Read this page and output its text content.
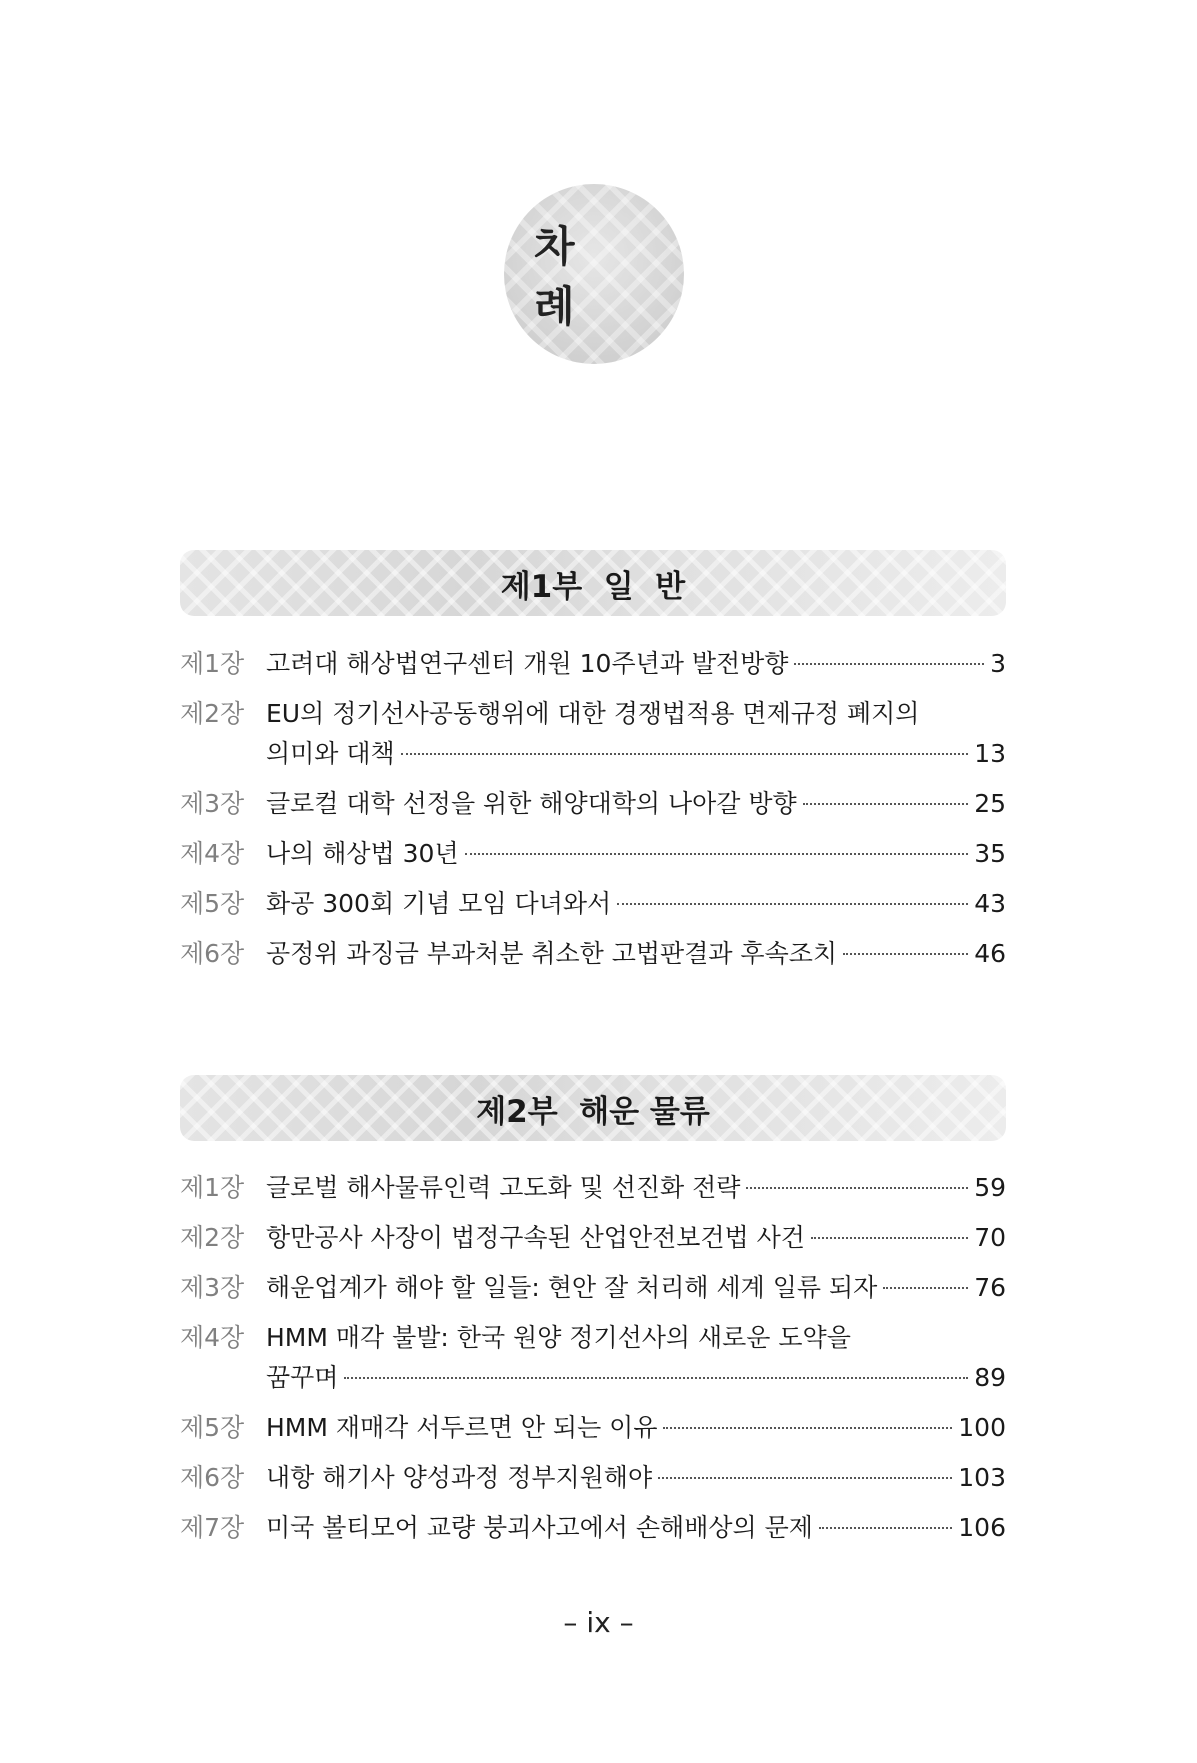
차 례
제1부  일  반
제1장 고려대 해상법연구센터 개원 10주년과 발전방향	3
제2장 EU의 정기선사공동행위에 대한 경쟁법적용 면제규정 폐지의
의미와 대책	13
제3장 글로컬 대학 선정을 위한 해양대학의 나아갈 방향	25
제4장 나의 해상법 30년	35
제5장 화공 300회 기념 모임 다녀와서	43
제6장 공정위 과징금 부과처분 취소한 고법판결과 후속조치	46
제2부  해운 물류
제1장 글로벌 해사물류인력 고도화 및 선진화 전략	59
제2장 항만공사 사장이 법정구속된 산업안전보건법 사건	70
제3장 해운업계가 해야 할 일들: 현안 잘 처리해 세계 일류 되자	76
제4장 HMM 매각 불발: 한국 원양 정기선사의 새로운 도약을
꿈꾸며	89
제5장 HMM 재매각 서두르면 안 되는 이유	100
제6장 내항 해기사 양성과정 정부지원해야	103
제7장 미국 볼티모어 교량 붕괴사고에서 손해배상의 문제	106
– ix –
